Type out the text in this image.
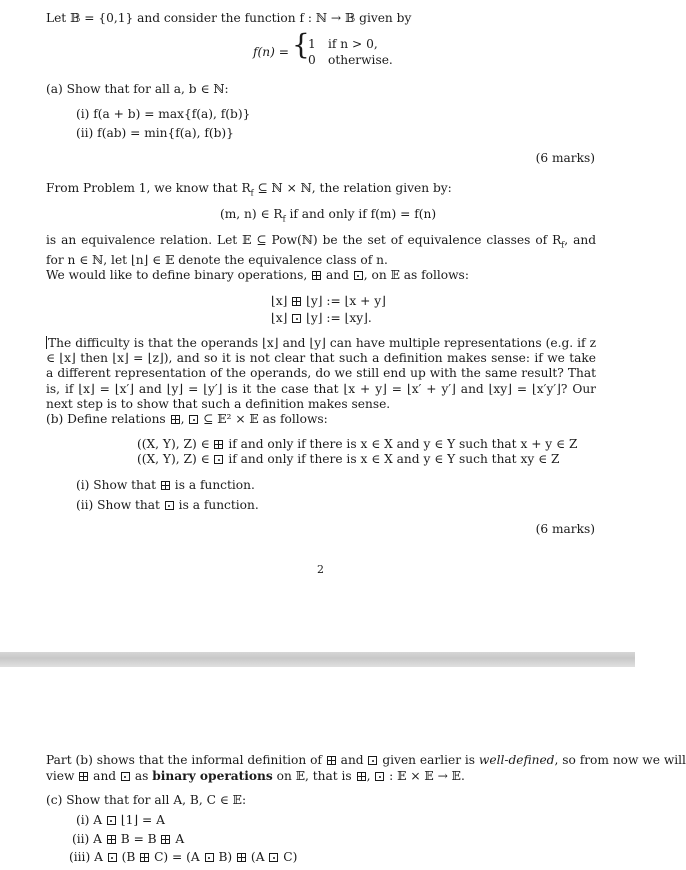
Let 𝔹 = {0,1} and consider the function f : ℕ → 𝔹 given by
f(n) = {
1 if n > 0,
0 otherwise.
(a) Show that for all a, b ∈ ℕ:
(i) f(a + b) = max{f(a), f(b)}
(ii) f(ab) = min{f(a), f(b)}
(6 marks)
From Problem 1, we know that $R_f$ ⊆ ℕ × ℕ, the relation given by:
(m, n) ∈ $R_f$ if and only if f(m) = f(n)
is an equivalence relation. Let 𝔼 ⊆ Pow(ℕ) be the set of equivalence classes of $R_f$, and for n ∈ ℕ, let ⌊n⌋ ∈ 𝔼 denote the equivalence class of n.
We would like to define binary operations,  and , on 𝔼 as follows:
⌊x⌋  ⌊y⌋ := ⌊x + y⌋
⌊x⌋  ⌊y⌋ := ⌊xy⌋.
The difficulty is that the operands ⌊x⌋ and ⌊y⌋ can have multiple representations (e.g. if z ∈ ⌊x⌋ then ⌊x⌋ = ⌊z⌋), and so it is not clear that such a definition makes sense: if we take a different representation of the operands, do we still end up with the same result? That is, if ⌊x⌋ = ⌊x′⌋ and ⌊y⌋ = ⌊y′⌋ is it the case that ⌊x + y⌋ = ⌊x′ + y′⌋ and ⌊xy⌋ = ⌊x′y′⌋? Our next step is to show that such a definition makes sense.
(b) Define relations ,  ⊆ 𝔼² × 𝔼 as follows:
((X, Y), Z) ∈  if and only if there is x ∈ X and y ∈ Y such that x + y ∈ Z
((X, Y), Z) ∈  if and only if there is x ∈ X and y ∈ Y such that xy ∈ Z
(i) Show that  is a function.
(ii) Show that  is a function.
(6 marks)
2
Part (b) shows that the informal definition of  and  given earlier is well-defined, so from now we will
view  and  as binary operations on 𝔼, that is ,  : 𝔼 × 𝔼 → 𝔼.
(c) Show that for all A, B, C ∈ 𝔼:
(i) A  ⌊1⌋ = A
(ii) A  B = B  A
(iii) A  (B  C) = (A  B)  (A  C)
